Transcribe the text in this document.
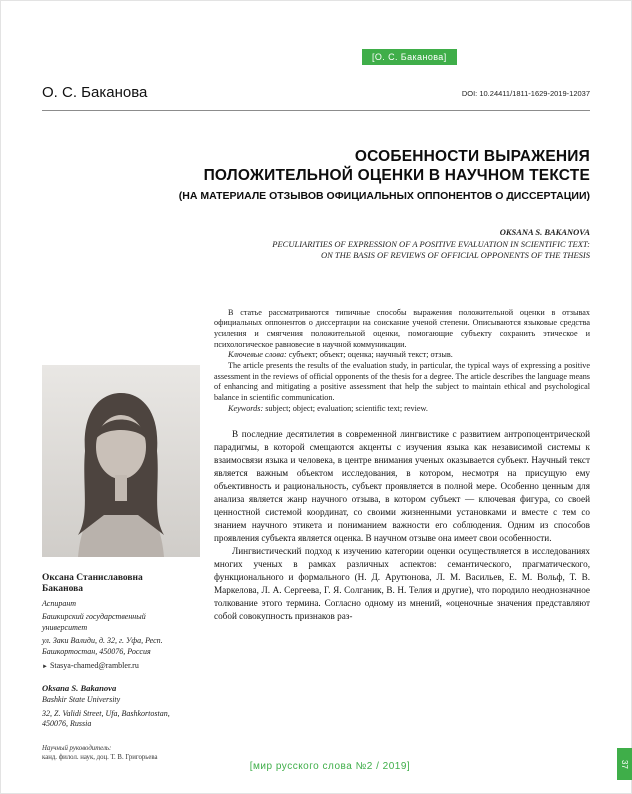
[О. С. Баканова]
О. С. Баканова	DOI: 10.24411/1811-1629-2019-12037
ОСОБЕННОСТИ ВЫРАЖЕНИЯ
ПОЛОЖИТЕЛЬНОЙ ОЦЕНКИ В НАУЧНОМ ТЕКСТЕ
(НА МАТЕРИАЛЕ ОТЗЫВОВ ОФИЦИАЛЬНЫХ ОППОНЕНТОВ О ДИССЕРТАЦИИ)
OKSANA S. BAKANOVA
PECULIARITIES OF EXPRESSION OF A POSITIVE EVALUATION IN SCIENTIFIC TEXT:
ON THE BASIS OF REVIEWS OF OFFICIAL OPPONENTS OF THE THESIS
Оксана Станиславовна Баканова
Аспирант
Башкирский государственный университет
ул. Заки Валиди, д. 32, г. Уфа, Респ. Башкортостан, 450076, Россия
► Stasya-chamed@rambler.ru
Oksana S. Bakanova
Bashkir State University
32, Z. Validi Street, Ufa, Bashkortostan, 450076, Russia
Научный руководитель:
канд. филол. наук, доц. Т. В. Григорьева

В статье рассматриваются типичные способы выражения положительной оценки в отзывах официальных оппонентов о диссертации на соискание ученой степени. Описываются языковые средства усиления и смягчения положительной оценки, помогающие субъекту сохранить этическое и психологическое равновесие в научной коммуникации.

Ключевые слова: субъект; объект; оценка; научный текст; отзыв.

The article presents the results of the evaluation study, in particular, the typical ways of expressing a positive assessment in the reviews of official opponents of the thesis for a degree. The article describes the language means of enhancing and mitigating a positive assessment that help the subject to maintain ethical and psychological balance in scientific communication.

Keywords: subject; object; evaluation; scientific text; review.

В последние десятилетия в современной лингвистике с развитием антропоцентрической парадигмы, в которой смещаются акценты с изучения языка как независимой системы к взаимосвязи языка и человека, в центре внимания ученых оказывается субъект. Научный текст является важным объектом исследования, в котором, несмотря на присущую ему объективность и рациональность, субъект проявляется в полной мере. Особенно ценным для анализа является жанр научного отзыва, в котором субъект — ключевая фигура, со своей ценностной системой координат, со своими жизненными установками и вместе с тем со знанием научного этикета и пониманием важности его соблюдения. Одним из способов проявления субъекта является оценка. В научном отзыве она имеет свои особенности.

Лингвистический подход к изучению категории оценки осуществляется в исследованиях многих ученых в рамках различных аспектов: семантического, прагматического, функционального и формального (Н. Д. Арутюнова, Л. М. Васильев, Е. М. Вольф, Т. В. Маркелова, Л. А. Сергеева, Г. Я. Солганик, В. Н. Телия и другие), что породило неоднозначное толкование этого термина. Согласно одному из мнений, «оценочные значения представляют собой совокупность признаков раз-

[мир русского слова №2 / 2019]	37
